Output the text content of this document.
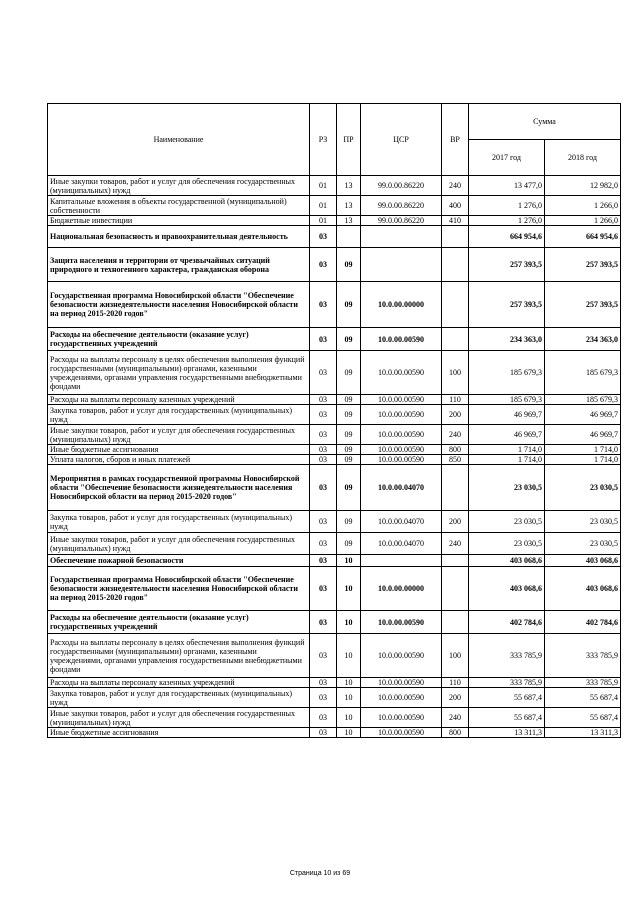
Наименование	РЗ	ПР	ЦСР	ВР	Сумма	
					2017 год	2018 год
Иные закупки товаров, работ и услуг для обеспечения государственных (муниципальных) нужд	01	13	99.0.00.86220	240	13 477,0	12 982,0
Капитальные вложения в объекты государственной (муниципальной) собственности	01	13	99.0.00.86220	400	1 276,0	1 266,0
Бюджетные инвестиции	01	13	99.0.00.86220	410	1 276,0	1 266,0
Национальная безопасность и правоохранительная деятельность	03				664 954,6	664 954,6
Защита населения и территории от чрезвычайных ситуаций природного и техногенного характера, гражданская оборона	03	09			257 393,5	257 393,5
Государственная программа Новосибирской области "Обеспечение безопасности жизнедеятельности населения Новосибирской области на период 2015-2020 годов"	03	09	10.0.00.00000		257 393,5	257 393,5
Расходы на обеспечение деятельности (оказание услуг) государственных учреждений	03	09	10.0.00.00590		234 363,0	234 363,0
Расходы на выплаты персоналу в целях обеспечения выполнения функций государственными (муниципальными) органами, казенными учреждениями, органами управления государственными внебюджетными фондами	03	09	10.0.00.00590	100	185 679,3	185 679,3
Расходы на выплаты персоналу казенных учреждений	03	09	10.0.00.00590	110	185 679,3	185 679,3
Закупка товаров, работ и услуг для государственных (муниципальных) нужд	03	09	10.0.00.00590	200	46 969,7	46 969,7
Иные закупки товаров, работ и услуг для обеспечения государственных (муниципальных) нужд	03	09	10.0.00.00590	240	46 969,7	46 969,7
Иные бюджетные ассигнования	03	09	10.0.00.00590	800	1 714,0	1 714,0
Уплата налогов, сборов и иных платежей	03	09	10.0.00.00590	850	1 714,0	1 714,0
Мероприятия в рамках государственной программы Новосибирской области "Обеспечение безопасности жизнедеятельности населения Новосибирской области на период 2015-2020 годов"	03	09	10.0.00.04070		23 030,5	23 030,5
Закупка товаров, работ и услуг для государственных (муниципальных) нужд	03	09	10.0.00.04070	200	23 030,5	23 030,5
Иные закупки товаров, работ и услуг для обеспечения государственных (муниципальных) нужд	03	09	10.0.00.04070	240	23 030,5	23 030,5
Обеспечение пожарной безопасности	03	10			403 068,6	403 068,6
Государственная программа Новосибирской области "Обеспечение безопасности жизнедеятельности населения Новосибирской области на период 2015-2020 годов"	03	10	10.0.00.00000		403 068,6	403 068,6
Расходы на обеспечение деятельности (оказание услуг) государственных учреждений	03	10	10.0.00.00590		402 784,6	402 784,6
Расходы на выплаты персоналу в целях обеспечения выполнения функций государственными (муниципальными) органами, казенными учреждениями, органами управления государственными внебюджетными фондами	03	10	10.0.00.00590	100	333 785,9	333 785,9
Расходы на выплаты персоналу казенных учреждений	03	10	10.0.00.00590	110	333 785,9	333 785,9
Закупка товаров, работ и услуг для государственных (муниципальных) нужд	03	10	10.0.00.00590	200	55 687,4	55 687,4
Иные закупки товаров, работ и услуг для обеспечения государственных (муниципальных) нужд	03	10	10.0.00.00590	240	55 687,4	55 687,4
Иные бюджетные ассигнования	03	10	10.0.00.00590	800	13 311,3	13 311,3
Страница 10 из 69
